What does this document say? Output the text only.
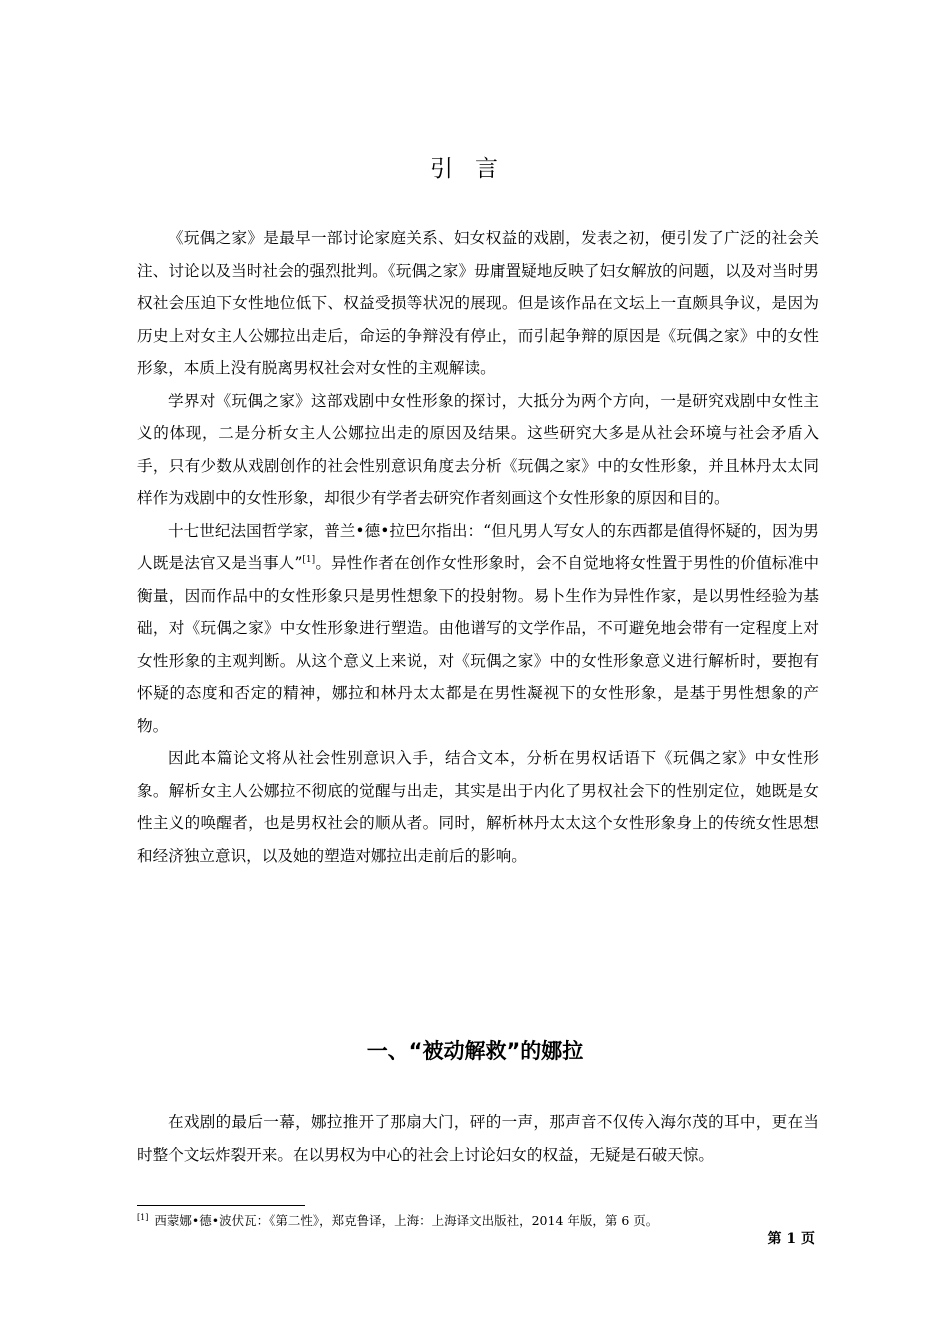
引言

《玩偶之家》是最早一部讨论家庭关系、妇女权益的戏剧，发表之初，便引发了广泛的社会关注、讨论以及当时社会的强烈批判。《玩偶之家》毋庸置疑地反映了妇女解放的问题，以及对当时男权社会压迫下女性地位低下、权益受损等状况的展现。但是该作品在文坛上一直颇具争议，是因为历史上对女主人公娜拉出走后，命运的争辩没有停止，而引起争辩的原因是《玩偶之家》中的女性形象，本质上没有脱离男权社会对女性的主观解读。

学界对《玩偶之家》这部戏剧中女性形象的探讨，大抵分为两个方向，一是研究戏剧中女性主义的体现，二是分析女主人公娜拉出走的原因及结果。这些研究大多是从社会环境与社会矛盾入手，只有少数从戏剧创作的社会性别意识角度去分析《玩偶之家》中的女性形象，并且林丹太太同样作为戏剧中的女性形象，却很少有学者去研究作者刻画这个女性形象的原因和目的。

十七世纪法国哲学家，普兰•德•拉巴尔指出：“但凡男人写女人的东西都是值得怀疑的，因为男人既是法官又是当事人”[1]。异性作者在创作女性形象时，会不自觉地将女性置于男性的价值标准中衡量，因而作品中的女性形象只是男性想象下的投射物。易卜生作为异性作家，是以男性经验为基础，对《玩偶之家》中女性形象进行塑造。由他谱写的文学作品，不可避免地会带有一定程度上对女性形象的主观判断。从这个意义上来说，对《玩偶之家》中的女性形象意义进行解析时，要抱有怀疑的态度和否定的精神，娜拉和林丹太太都是在男性凝视下的女性形象，是基于男性想象的产物。

因此本篇论文将从社会性别意识入手，结合文本，分析在男权话语下《玩偶之家》中女性形象。解析女主人公娜拉不彻底的觉醒与出走，其实是出于内化了男权社会下的性别定位，她既是女性主义的唤醒者，也是男权社会的顺从者。同时，解析林丹太太这个女性形象身上的传统女性思想和经济独立意识，以及她的塑造对娜拉出走前后的影响。

一、“被动解救”的娜拉

在戏剧的最后一幕，娜拉推开了那扇大门，砰的一声，那声音不仅传入海尔茂的耳中，更在当时整个文坛炸裂开来。在以男权为中心的社会上讨论妇女的权益，无疑是石破天惊。

[1] 西蒙娜•德•波伏瓦：《第二性》，郑克鲁译，上海：上海译文出版社，2014 年版，第 6 页。
第 1 页
